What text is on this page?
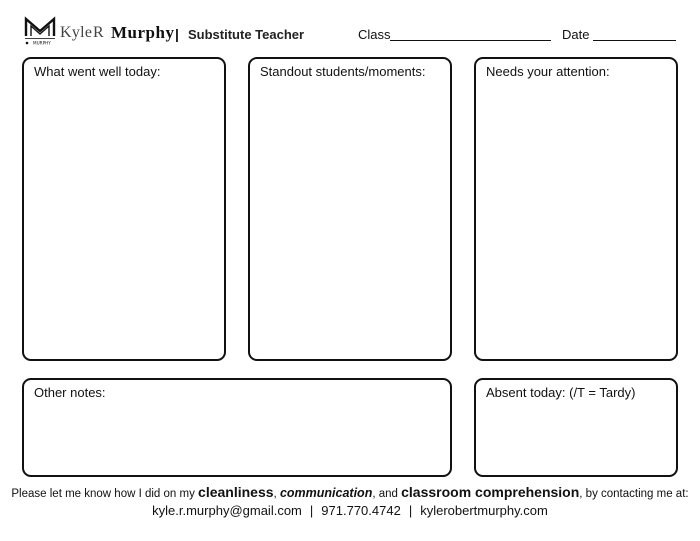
MURPHY
Kyle R Murphy | Substitute Teacher	Class	Date
What went well today:	Standout students/moments:	Needs your attention:
Other notes:	Absent today: (/T = Tardy)
Please let me know how I did on my cleanliness, communication, and classroom comprehension, by contacting me at:
kyle.r.murphy@gmail.com | 971.770.4742 | kylerobertmurphy.com
